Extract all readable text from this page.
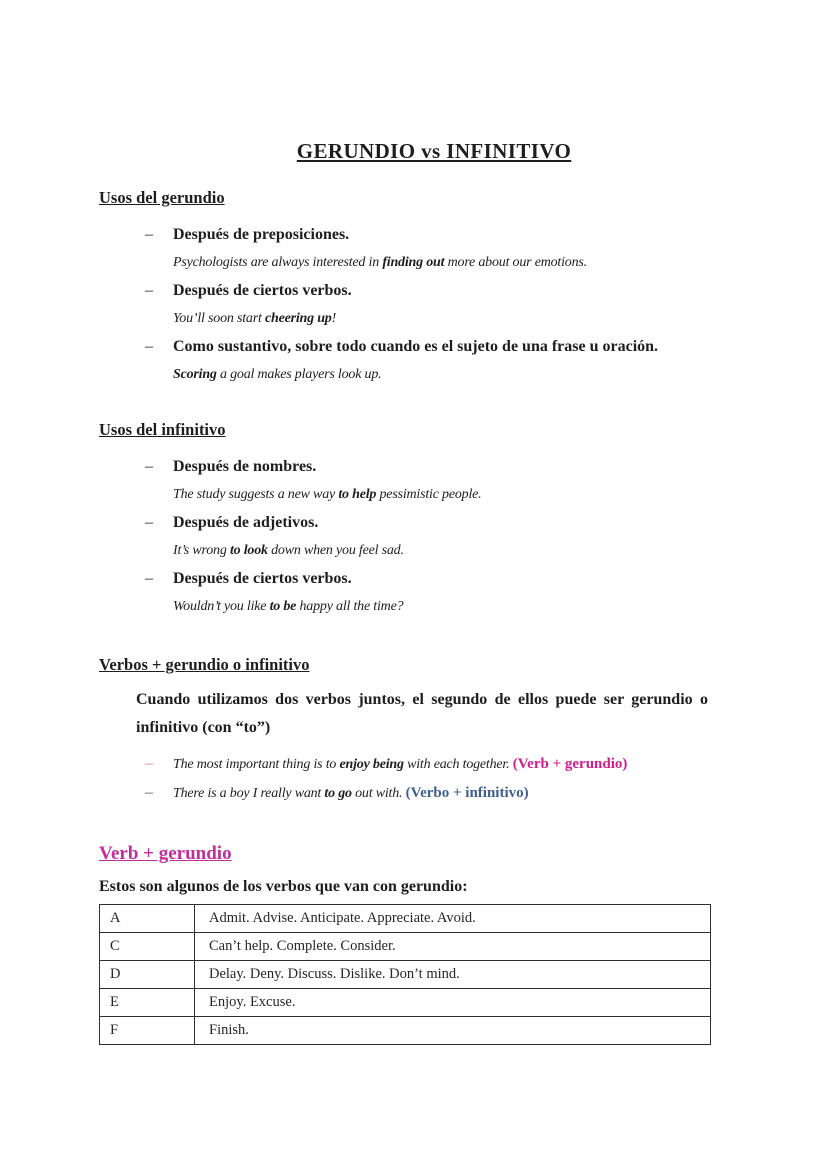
GERUNDIO vs INFINITIVO
Usos del gerundio
–	Después de preposiciones.
Psychologists are always interested in finding out more about our emotions.
–	Después de ciertos verbos.
You’ll soon start cheering up!
–	Como sustantivo, sobre todo cuando es el sujeto de una frase u oración.
Scoring a goal makes players look up.
Usos del infinitivo
–	Después de nombres.
The study suggests a new way to help pessimistic people.
–	Después de adjetivos.
It’s wrong to look down when you feel sad.
–	Después de ciertos verbos.
Wouldn’t you like to be happy all the time?
Verbos + gerundio o infinitivo

Cuando utilizamos dos verbos juntos, el segundo de ellos puede ser gerundio o infinitivo (con “to”)

–	The most important thing is to enjoy being with each together. (Verb + gerundio)
–	There is a boy I really want to go out with. (Verbo + infinitivo)
Verb + gerundio
Estos son algunos de los verbos que van con gerundio:
A	Admit. Advise. Anticipate. Appreciate. Avoid.
C	Can’t help. Complete. Consider.
D	Delay. Deny. Discuss. Dislike. Don’t mind.
E	Enjoy. Excuse.
F	Finish.
